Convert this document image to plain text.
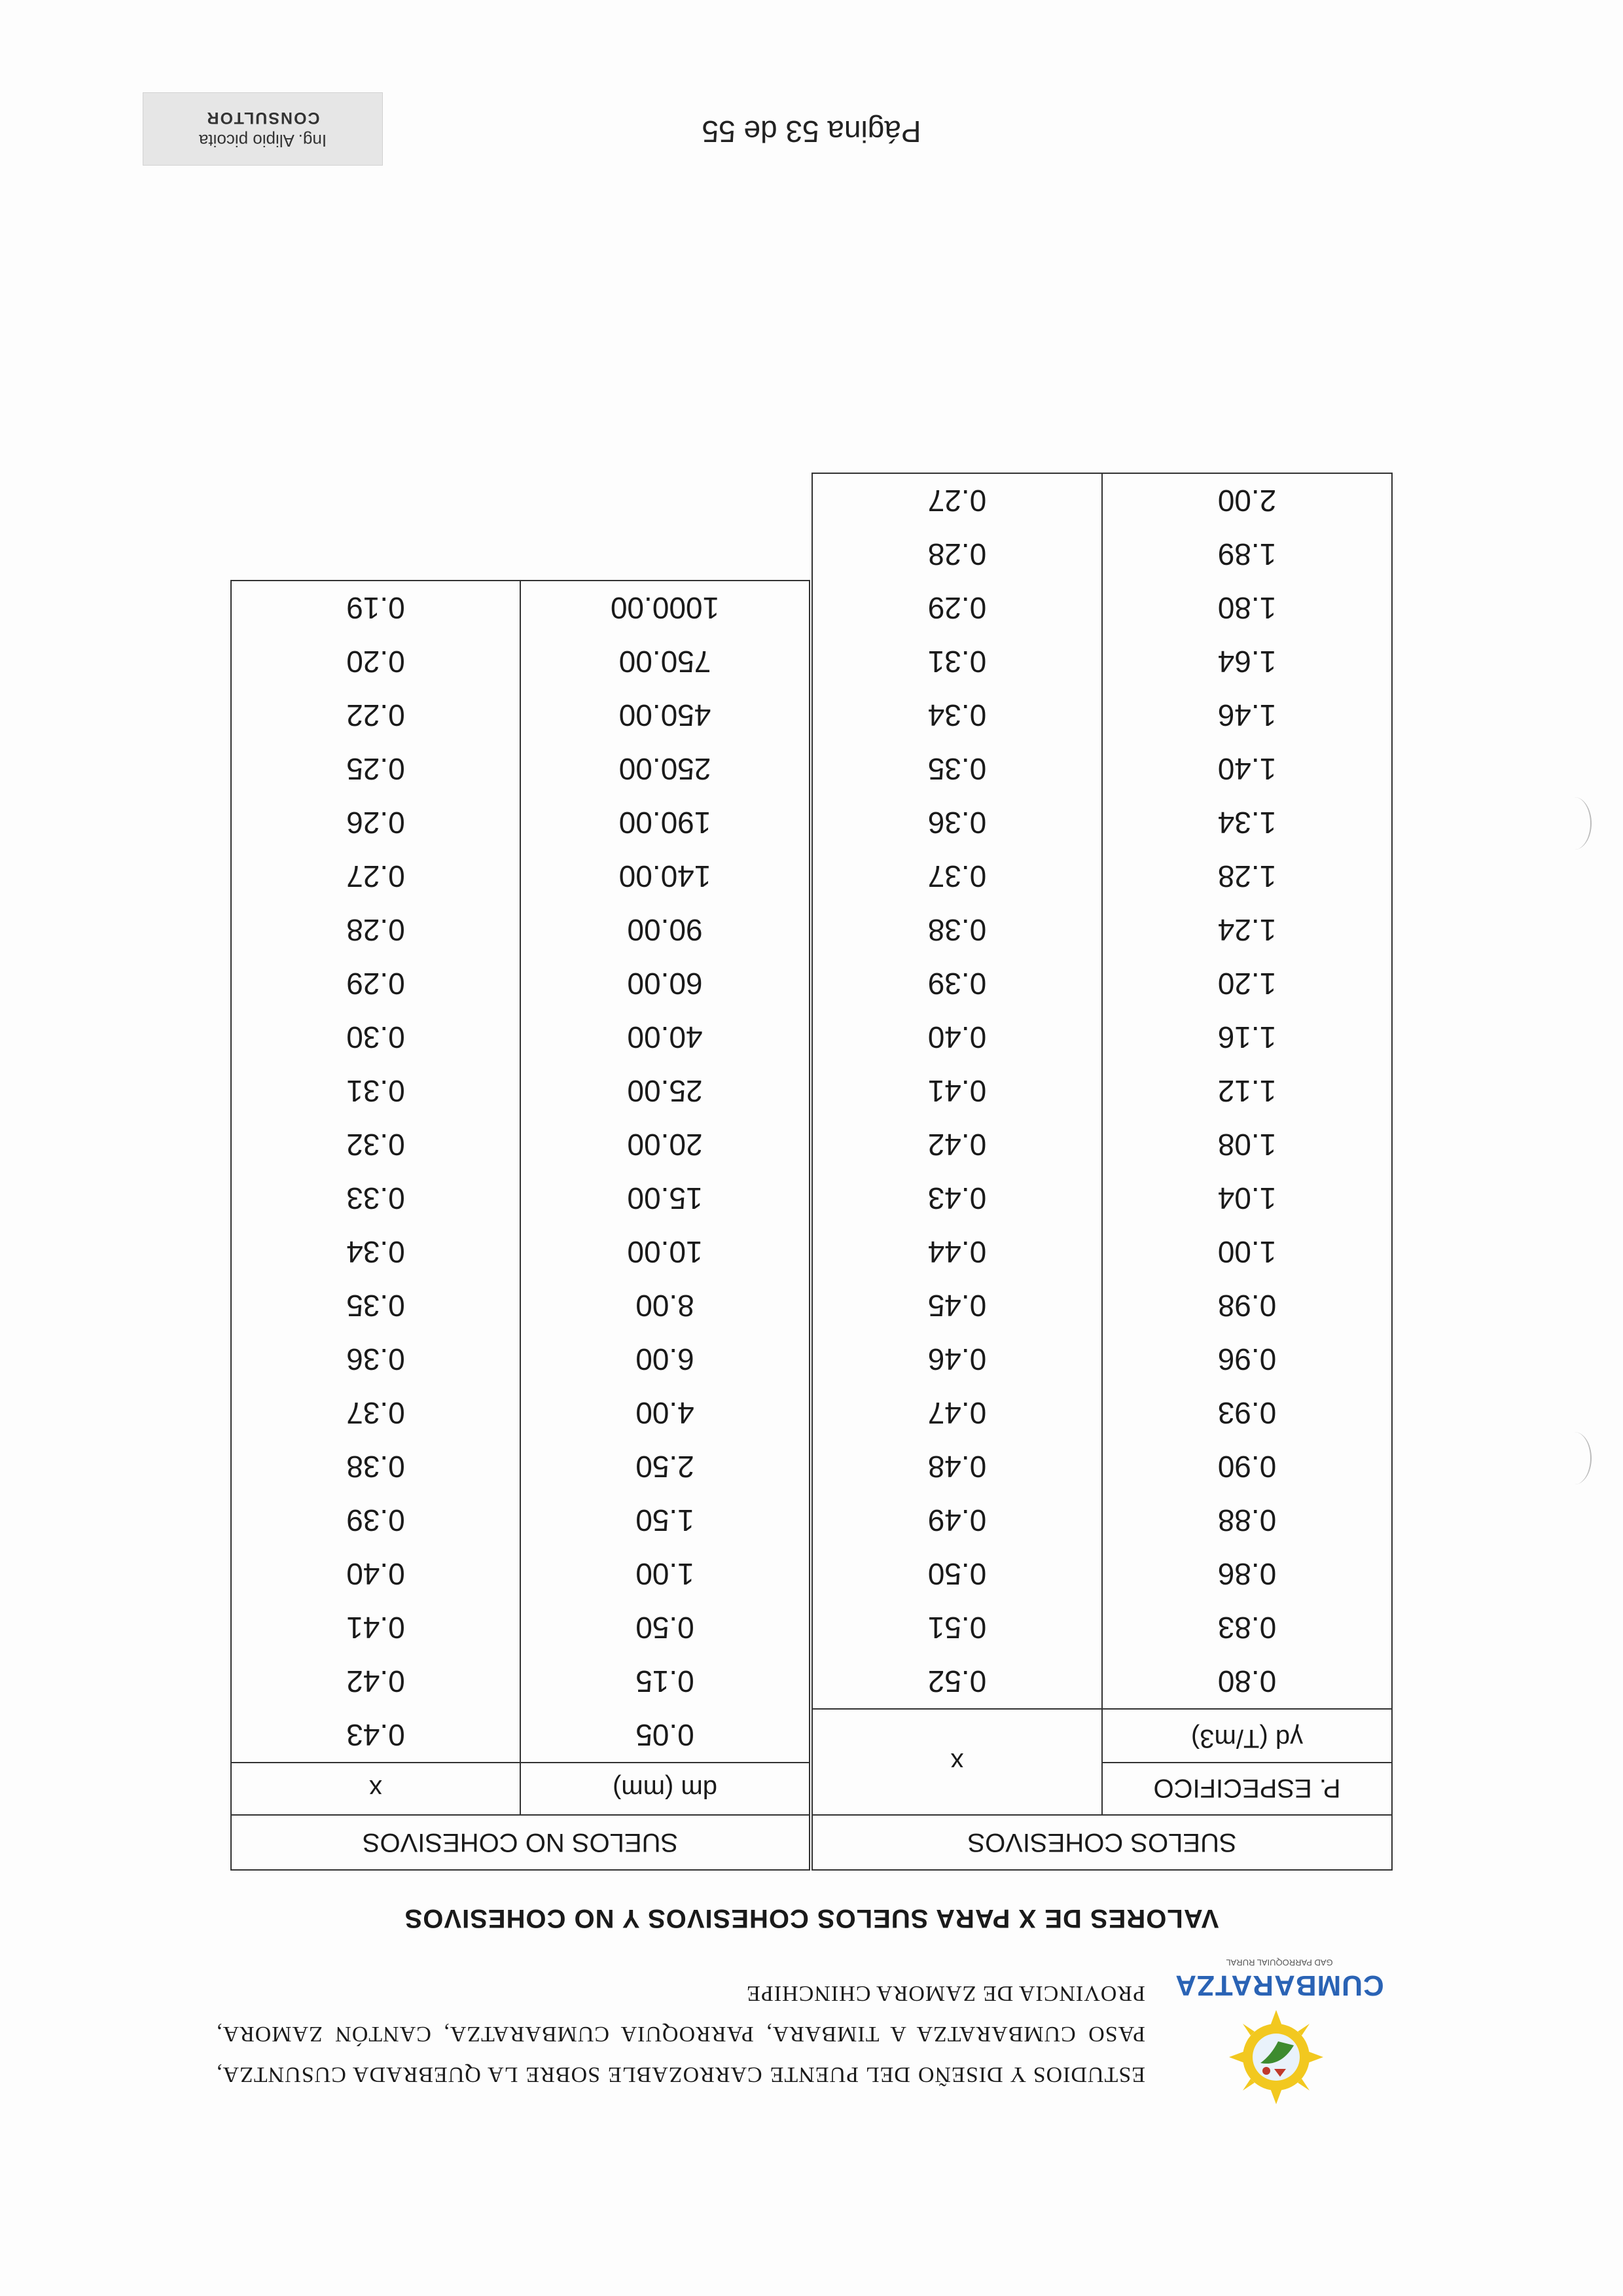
CUMBARATZA
GAD PARROQUIAL RURAL
ESTUDIOS Y DISEÑO DEL PUENTE CARROZABLE SOBRE LA QUEBRADA CUSUNTZA, PASO CUMBARATZA A TIMBARA, PARROQUIA CUMBARATZA, CANTÓN ZAMORA, PROVINCIA DE ZAMORA CHINCHIPE
VALORES DE X PARA SUELOS COHESIVOS Y NO COHESIVOS
SUELOS COHESIVOS	

P. ESPECIFICO
γd (T/m3)	x
0.80	0.52
0.83	0.51
0.86	0.50
0.88	0.49
0.90	0.48
0.93	0.47
0.96	0.46
0.98	0.45
1.00	0.44
1.04	0.43
1.08	0.42
1.12	0.41
1.16	0.40
1.20	0.39
1.24	0.38
1.28	0.37
1.34	0.36
1.40	0.35
1.46	0.34
1.64	0.31
1.80	0.29
1.89	0.28
2.00	0.27
SUELOS NO COHESIVOS	
dm (mm)	x
0.05	0.43
0.15	0.42
0.50	0.41
1.00	0.40
1.50	0.39
2.50	0.38
4.00	0.37
6.00	0.36
8.00	0.35
10.00	0.34
15.00	0.33
20.00	0.32
25.00	0.31
40.00	0.30
60.00	0.29
90.00	0.28
140.00	0.27
190.00	0.26
250.00	0.25
450.00	0.22
750.00	0.20
1000.00	0.19
Página 53 de 55
Ing. Alipio picoita
CONSULTOR
